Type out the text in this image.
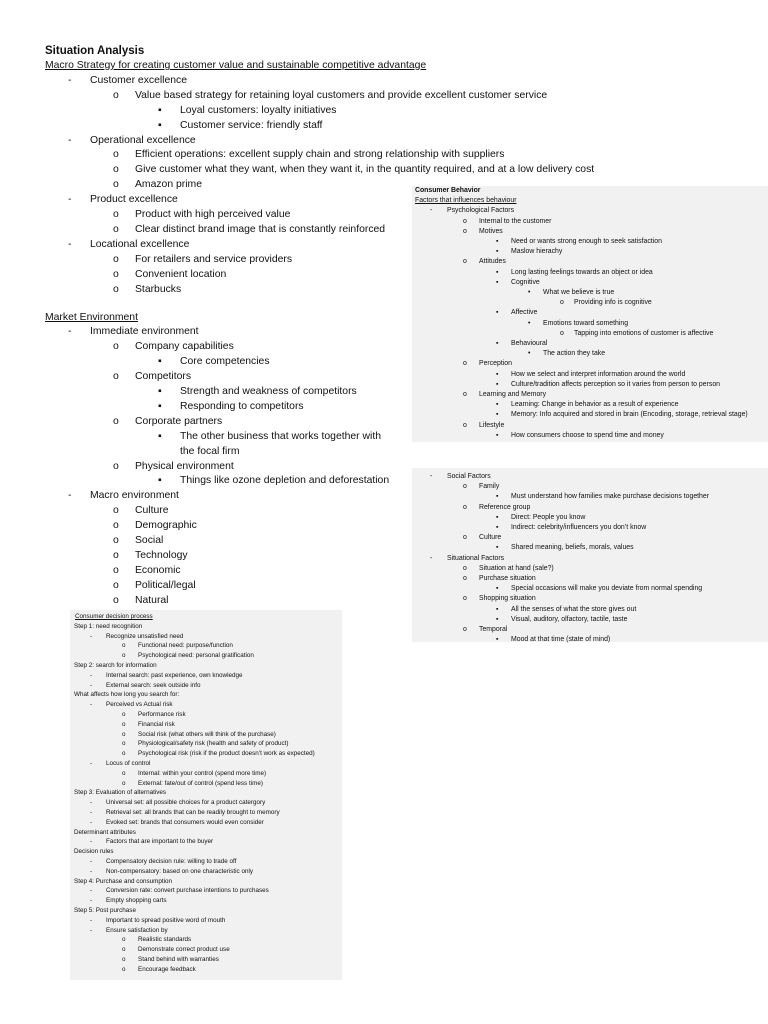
Situation Analysis
Macro Strategy for creating customer value and sustainable competitive advantage
-
Customer excellence
o
Value based strategy for retaining loyal customers and provide excellent customer service
▪
Loyal customers: loyalty initiatives
▪
Customer service: friendly staff
-
Operational excellence
o
Efficient operations: excellent supply chain and strong relationship with suppliers
o
Give customer what they want, when they want it, in the quantity required, and at a low delivery cost
o
Amazon prime
-
Product excellence
o
Product with high perceived value
o
Clear distinct brand image that is constantly reinforced
-
Locational excellence
o
For retailers and service providers
o
Convenient location
o
Starbucks
Market Environment
-
Immediate environment
o
Company capabilities
▪
Core competencies
o
Competitors
▪
Strength and weakness of competitors
▪
Responding to competitors
o
Corporate partners
▪
The other business that works together with
the focal firm
o
Physical environment
▪
Things like ozone depletion and deforestation
-
Macro environment
o
Culture
o
Demographic
o
Social
o
Technology
o
Economic
o
Political/legal
o
Natural
Consumer Behavior
Factors that influences behaviour
-
Psychological Factors
o
Internal to the customer
o
Motives
▪
Need or wants strong enough to seek satisfaction
▪
Maslow hierachy
o
Attitudes
▪
Long lasting feelings towards an object or idea
▪
Cognitive
•
What we believe is true
o
Providing info is cognitive
▪
Affective
•
Emotions toward something
o
Tapping into emotions of customer is affective
▪
Behavioural
•
The action they take
o
Perception
▪
How we select and interpret information around the world
▪
Culture/tradition affects perception so it varies from person to person
o
Learning and Memory
▪
Learning: Change in behavior as a result of experience
▪
Memory: Info acquired and stored in brain (Encoding, storage, retrieval stage)
o
Lifestyle
▪
How consumers choose to spend time and money
-
Social Factors
o
Family
▪
Must understand how families make purchase decisions together
o
Reference group
▪
Direct: People you know
▪
Indirect: celebrity/influencers you don’t know
o
Culture
▪
Shared meaning, beliefs, morals, values
-
Situational Factors
o
Situation at hand (sale?)
o
Purchase situation
▪
Special occasions will make you deviate from normal spending
o
Shopping situation
▪
All the senses of what the store gives out
▪
Visual, auditory, olfactory, tactile, taste
o
Temporal
▪
Mood at that time (state of mind)
Consumer decision process
Step 1: need recognition
-
Recognize unsatisfied need
o
Functional need: purpose/function
o
Psychological need: personal gratification
Step 2: search for information
-
Internal search: past experience, own knowledge
-
External search: seek outside info
What affects how long you search for:
-
Perceived vs Actual risk
o
Performance risk
o
Financial risk
o
Social risk (what others will think of the purchase)
o
Physiological/safety risk (health and safety of product)
o
Psychological risk (risk if the product doesn’t work as expected)
-
Locus of control
o
Internal: within your control (spend more time)
o
External: fate/out of control (spend less time)
Step 3: Evaluation of alternatives
-
Universal set: all possible choices for a product catergory
-
Retrieval set: all brands that can be readily brought to memory
-
Evoked set: brands that consumers would even consider
Determinant attributes
-
Factors that are important to the buyer
Decision rules
-
Compensatory decision rule: willing to trade off
-
Non-compensatory: based on one characteristic only
Step 4: Purchase and consumption
-
Conversion rate: convert purchase intentions to purchases
-
Empty shopping carts
Step 5: Post purchase
-
Important to spread positive word of mouth
-
Ensure satisfaction by
o
Realistic standards
o
Demonstrate correct product use
o
Stand behind with warranties
o
Encourage feedback
